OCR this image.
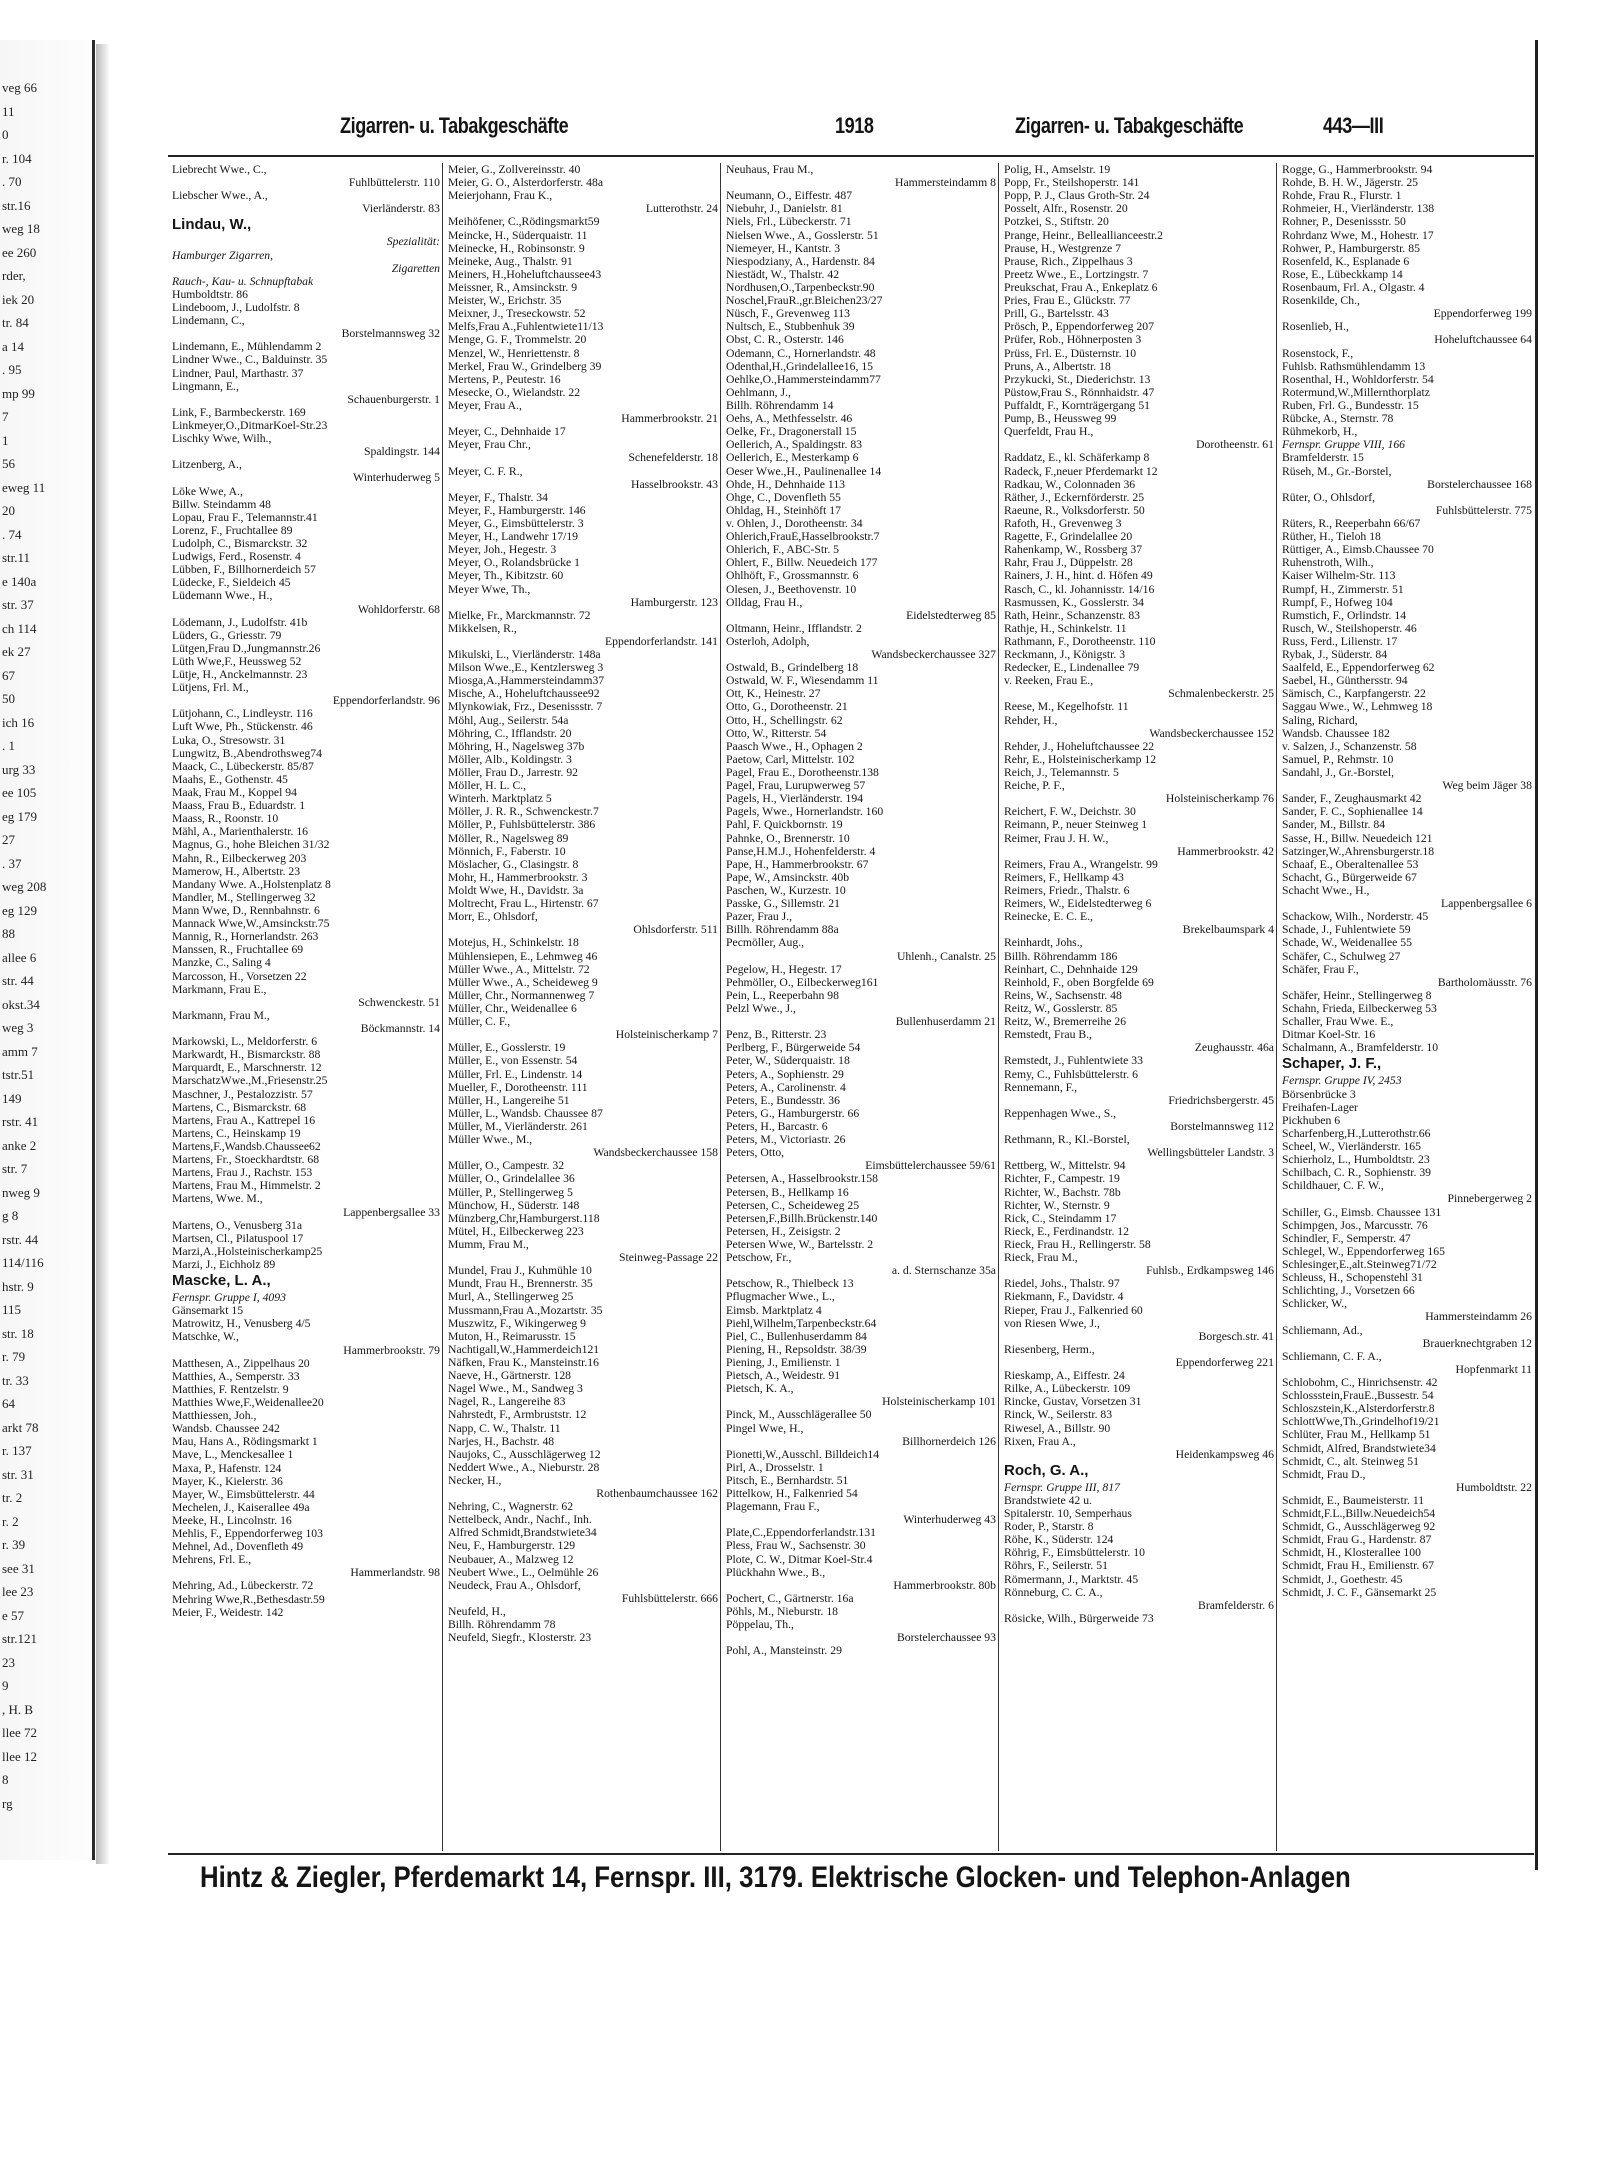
veg 66
11
0
r. 104
. 70
str.16
weg 18
ee 260
rder,
iek 20
tr. 84
a 14
. 95
mp 99
7
1
56
eweg 11
20
. 74
str.11
e 140a
str. 37
ch 114
ek 27
67
50
ich 16
. 1
urg 33
ee 105
eg 179
27
. 37
weg 208
eg 129
88
allee 6
str. 44
okst.34
weg 3
amm 7
tstr.51
149
rstr. 41
anke 2
str. 7
nweg 9
g 8
rstr. 44
114/116
hstr. 9
115
str. 18
r. 79
tr. 33
64
arkt 78
r. 137
str. 31
tr. 2
r. 2
r. 39
see 31
lee 23
e 57
str.121
23
9
, H. B
llee 72
llee 12
8
rg
Zigarren- u. Tabakgeschäfte	1918	Zigarren- u. Tabakgeschäfte	443—III
Liebrecht Wwe., C.,
Fuhlbüttelerstr. 110
Liebscher Wwe., A.,
Vierländerstr. 83
Lindau, W.,
Spezialität:
Hamburger Zigarren,
Zigaretten
Rauch-, Kau- u. Schnupftabak
Humboldtstr. 86
Lindeboom, J., Ludolfstr. 8
Lindemann, C.,
Borstelmannsweg 32
Lindemann, E., Mühlendamm 2
Lindner Wwe., C., Balduinstr. 35
Lindner, Paul, Marthastr. 37
Lingmann, E.,
Schauenburgerstr. 1
Link, F., Barmbeckerstr. 169
Linkmeyer,O.,DitmarKoel-Str.23
Lischky Wwe, Wilh.,
Spaldingstr. 144
Litzenberg, A.,
Winterhuderweg 5
Löke Wwe, A.,
Billw. Steindamm 48
Lopau, Frau F., Telemannstr.41
Lorenz, F., Fruchtallee 89
Ludolph, C., Bismarckstr. 32
Ludwigs, Ferd., Rosenstr. 4
Lübben, F., Billhornerdeich 57
Lüdecke, F., Sieldeich 45
Lüdemann Wwe., H.,
Wohldorferstr. 68
Lödemann, J., Ludolfstr. 41b
Lüders, G., Griesstr. 79
Lütgen,Frau D.,Jungmannstr.26
Lüth Wwe,F., Heussweg 52
Lütje, H., Anckelmannstr. 23
Lütjens, Frl. M.,
Eppendorferlandstr. 96
Lütjohann, C., Lindleystr. 116
Luft Wwe, Ph., Stückenstr. 46
Luka, O., Stresowstr. 31
Lungwitz, B.,Abendrothsweg74
Maack, C., Lübeckerstr. 85/87
Maahs, E., Gothenstr. 45
Maak, Frau M., Koppel 94
Maass, Frau B., Eduardstr. 1
Maass, R., Roonstr. 10
Mähl, A., Marienthalerstr. 16
Magnus, G., hohe Bleichen 31/32
Mahn, R., Eilbeckerweg 203
Mamerow, H., Albertstr. 23
Mandany Wwe. A.,Holstenplatz 8
Mandler, M., Stellingerweg 32
Mann Wwe, D., Rennbahnstr. 6
Mannack Wwe,W.,Amsinckstr.75
Mannig, R., Hornerlandstr. 263
Manssen, R., Fruchtallee 69
Manzke, C., Saling 4
Marcosson, H., Vorsetzen 22
Markmann, Frau E.,
Schwenckestr. 51
Markmann, Frau M.,
Böckmannstr. 14
Markowski, L., Meldorferstr. 6
Markwardt, H., Bismarckstr. 88
Marquardt, E., Marschnerstr. 12
MarschatzWwe.,M.,Friesenstr.25
Maschner, J., Pestalozzistr. 57
Martens, C., Bismarckstr. 68
Martens, Frau A., Kattrepel 16
Martens, C., Heinskamp 19
Martens,F.,Wandsb.Chaussee62
Martens, Fr., Stoeckhardtstr. 68
Martens, Frau J., Rachstr. 153
Martens, Frau M., Himmelstr. 2
Martens, Wwe. M.,
Lappenbergsallee 33
Martens, O., Venusberg 31a
Martsen, Cl., Pilatuspool 17
Marzi,A.,Holsteinischerkamp25
Marzi, J., Eichholz 89
Mascke, L. A.,
Fernspr. Gruppe I, 4093
Gänsemarkt 15
Matrowitz, H., Venusberg 4/5
Matschke, W.,
Hammerbrookstr. 79
Matthesen, A., Zippelhaus 20
Matthies, A., Semperstr. 33
Matthies, F. Rentzelstr. 9
Matthies Wwe,F.,Weidenallee20
Matthiessen, Joh.,
Wandsb. Chaussee 242
Mau, Hans A., Rödingsmarkt 1
Mave, L., Menckesallee 1
Maxa, P., Hafenstr. 124
Mayer, K., Kielerstr. 36
Mayer, W., Eimsbüttelerstr. 44
Mechelen, J., Kaiserallee 49a
Meeke, H., Lincolnstr. 16
Mehlis, F., Eppendorferweg 103
Mehnel, Ad., Dovenfleth 49
Mehrens, Frl. E.,
Hammerlandstr. 98
Mehring, Ad., Lübeckerstr. 72
Mehring Wwe,R.,Bethesdastr.59
Meier, F., Weidestr. 142
Meier, G., Zollvereinsstr. 40
Meier, G. O., Alsterdorferstr. 48a
Meierjohann, Frau K.,
Lutterothstr. 24
Meihöfener, C.,Rödingsmarkt59
Meincke, H., Süderquaistr. 11
Meinecke, H., Robinsonstr. 9
Meineke, Aug., Thalstr. 91
Meiners, H.,Hoheluftchaussee43
Meissner, R., Amsinckstr. 9
Meister, W., Erichstr. 35
Meixner, J., Treseckowstr. 52
Melfs,Frau A.,Fuhlentwiete11/13
Menge, G. F., Trommelstr. 20
Menzel, W., Henriettenstr. 8
Merkel, Frau W., Grindelberg 39
Mertens, P., Peutestr. 16
Mesecke, O., Wielandstr. 22
Meyer, Frau A.,
Hammerbrookstr. 21
Meyer, C., Dehnhaide 17
Meyer, Frau Chr.,
Schenefelderstr. 18
Meyer, C. F. R.,
Hasselbrookstr. 43
Meyer, F., Thalstr. 34
Meyer, F., Hamburgerstr. 146
Meyer, G., Eimsbüttelerstr. 3
Meyer, H., Landwehr 17/19
Meyer, Joh., Hegestr. 3
Meyer, O., Rolandsbrücke 1
Meyer, Th., Kibitzstr. 60
Meyer Wwe, Th.,
Hamburgerstr. 123
Mielke, Fr., Marckmannstr. 72
Mikkelsen, R.,
Eppendorferlandstr. 141
Mikulski, L., Vierländerstr. 148a
Milson Wwe.,E., Kentzlersweg 3
Miosga,A.,Hammersteindamm37
Mische, A., Hoheluftchaussee92
Mlynkowiak, Frz., Desenissstr. 7
Möhl, Aug., Seilerstr. 54a
Möhring, C., Ifflandstr. 20
Möhring, H., Nagelsweg 37b
Möller, Alb., Koldingstr. 3
Möller, Frau D., Jarrestr. 92
Möller, H. L. C.,
Winterh. Marktplatz 5
Möller, J. R. R., Schwenckestr.7
Möller, P., Fuhlsbüttelerstr. 386
Möller, R., Nagelsweg 89
Mönnich, F., Faberstr. 10
Möslacher, G., Clasingstr. 8
Mohr, H., Hammerbrookstr. 3
Moldt Wwe, H., Davidstr. 3a
Moltrecht, Frau L., Hirtenstr. 67
Morr, E., Ohlsdorf,
Ohlsdorferstr. 511
Motejus, H., Schinkelstr. 18
Mühlensiepen, E., Lehmweg 46
Müller Wwe., A., Mittelstr. 72
Müller Wwe., A., Scheideweg 9
Müller, Chr., Normannenweg 7
Müller, Chr., Weidenallee 6
Müller, C. F.,
Holsteinischerkamp 7
Müller, E., Gosslerstr. 19
Müller, E., von Essenstr. 54
Müller, Frl. E., Lindenstr. 14
Mueller, F., Dorotheenstr. 111
Müller, H., Langereihe 51
Müller, L., Wandsb. Chaussee 87
Müller, M., Vierländerstr. 261
Müller Wwe., M.,
Wandsbeckerchaussee 158
Müller, O., Campestr. 32
Müller, O., Grindelallee 36
Müller, P., Stellingerweg 5
Münchow, H., Süderstr. 148
Münzberg,Chr,Hamburgerst.118
Mütel, H., Eilbeckerweg 223
Mumm, Frau M.,
Steinweg-Passage 22
Mundel, Frau J., Kuhmühle 10
Mundt, Frau H., Brennerstr. 35
Murl, A., Stellingerweg 25
Mussmann,Frau A.,Mozartstr. 35
Muszwitz, F., Wikingerweg 9
Muton, H., Reimarusstr. 15
Nachtigall,W.,Hammerdeich121
Näfken, Frau K., Mansteinstr.16
Naeve, H., Gärtnerstr. 128
Nagel Wwe., M., Sandweg 3
Nagel, R., Langereihe 83
Nahrstedt, F., Armbruststr. 12
Napp, C. W., Thalstr. 11
Narjes, H., Bachstr. 48
Naujoks, C., Ausschlägerweg 12
Neddert Wwe., A., Nieburstr. 28
Necker, H.,
Rothenbaumchaussee 162
Nehring, C., Wagnerstr. 62
Nettelbeck, Andr., Nachf., Inh.
Alfred Schmidt,Brandstwiete34
Neu, F., Hamburgerstr. 129
Neubauer, A., Malzweg 12
Neubert Wwe., L., Oelmühle 26
Neudeck, Frau A., Ohlsdorf,
Fuhlsbüttelerstr. 666
Neufeld, H.,
Billh. Röhrendamm 78
Neufeld, Siegfr., Klosterstr. 23
Neuhaus, Frau M.,
Hammersteindamm 8
Neumann, O., Eiffestr. 487
Niebuhr, J., Danielstr. 81
Niels, Frl., Lübeckerstr. 71
Nielsen Wwe., A., Gosslerstr. 51
Niemeyer, H., Kantstr. 3
Niespodziany, A., Hardenstr. 84
Niestädt, W., Thalstr. 42
Nordhusen,O.,Tarpenbeckstr.90
Noschel,FrauR.,gr.Bleichen23/27
Nüsch, F., Grevenweg 113
Nultsch, E., Stubbenhuk 39
Obst, C. R., Osterstr. 146
Odemann, C., Hornerlandstr. 48
Odenthal,H.,Grindelallee16, 15
Oehlke,O.,Hammersteindamm77
Oehlmann, J.,
Billh. Röhrendamm 14
Oehs, A., Methfesselstr. 46
Oelke, Fr., Dragonerstall 15
Oellerich, A., Spaldingstr. 83
Oellerich, E., Mesterkamp 6
Oeser Wwe.,H., Paulinenallee 14
Ohde, H., Dehnhaide 113
Ohge, C., Dovenfleth 55
Ohldag, H., Steinhöft 17
v. Ohlen, J., Dorotheenstr. 34
Ohlerich,FrauE,Hasselbrookstr.7
Ohlerich, F., ABC-Str. 5
Ohlert, F., Billw. Neuedeich 177
Ohlhöft, F., Grossmannstr. 6
Olesen, J., Beethovenstr. 10
Olldag, Frau H.,
Eidelstedterweg 85
Oltmann, Heinr., Ifflandstr. 2
Osterloh, Adolph,
Wandsbeckerchaussee 327
Ostwald, B., Grindelberg 18
Ostwald, W. F., Wiesendamm 11
Ott, K., Heinestr. 27
Otto, G., Dorotheenstr. 21
Otto, H., Schellingstr. 62
Otto, W., Ritterstr. 54
Paasch Wwe., H., Ophagen 2
Paetow, Carl, Mittelstr. 102
Pagel, Frau E., Dorotheenstr.138
Pagel, Frau, Lurupwerweg 57
Pagels, H., Vierländerstr. 194
Pagels, Wwe., Hornerlandstr. 160
Pahl, F. Quickbornstr. 19
Pahnke, O., Brennerstr. 10
Panse,H.M.J., Hohenfelderstr. 4
Pape, H., Hammerbrookstr. 67
Pape, W., Amsinckstr. 40b
Paschen, W., Kurzestr. 10
Passke, G., Sillemstr. 21
Pazer, Frau J.,
Billh. Röhrendamm 88a
Pecmöller, Aug.,
Uhlenh., Canalstr. 25
Pegelow, H., Hegestr. 17
Pehmöller, O., Eilbeckerweg161
Pein, L., Reeperbahn 98
Pelzl Wwe., J.,
Bullenhuserdamm 21
Penz, B., Ritterstr. 23
Perlberg, F., Bürgerweide 54
Peter, W., Süderquaistr. 18
Peters, A., Sophienstr. 29
Peters, A., Carolinenstr. 4
Peters, E., Bundesstr. 36
Peters, G., Hamburgerstr. 66
Peters, H., Barcastr. 6
Peters, M., Victoriastr. 26
Peters, Otto,
Eimsbüttelerchaussee 59/61
Petersen, A., Hasselbrookstr.158
Petersen, B., Hellkamp 16
Petersen, C., Scheideweg 25
Petersen,F.,Billh.Brückenstr.140
Petersen, H., Zeisigstr. 2
Petersen Wwe, W., Bartelsstr. 2
Petschow, Fr.,
a. d. Sternschanze 35a
Petschow, R., Thielbeck 13
Pflugmacher Wwe., L.,
Eimsb. Marktplatz 4
Piehl,Wilhelm,Tarpenbeckstr.64
Piel, C., Bullenhuserdamm 84
Piening, H., Repsoldstr. 38/39
Piening, J., Emilienstr. 1
Pietsch, A., Weidestr. 91
Pietsch, K. A.,
Holsteinischerkamp 101
Pinck, M., Ausschlägerallee 50
Pingel Wwe, H.,
Billhornerdeich 126
Pionetti,W.,Ausschl. Billdeich14
Pirl, A., Drosselstr. 1
Pitsch, E., Bernhardstr. 51
Pittelkow, H., Falkenried 54
Plagemann, Frau F.,
Winterhuderweg 43
Plate,C.,Eppendorferlandstr.131
Pless, Frau W., Sachsenstr. 30
Plote, C. W., Ditmar Koel-Str.4
Plückhahn Wwe., B.,
Hammerbrookstr. 80b
Pochert, C., Gärtnerstr. 16a
Pöhls, M., Nieburstr. 18
Pöppelau, Th.,
Borstelerchaussee 93
Pohl, A., Mansteinstr. 29
Polig, H., Amselstr. 19
Popp, Fr., Steilshoperstr. 141
Popp, P. J., Claus Groth-Str. 24
Posselt, Alfr., Rosenstr. 20
Potzkei, S., Stiftstr. 20
Prange, Heinr., Belleallianceestr.2
Prause, H., Westgrenze 7
Prause, Rich., Zippelhaus 3
Preetz Wwe., E., Lortzingstr. 7
Preukschat, Frau A., Enkeplatz 6
Pries, Frau E., Glückstr. 77
Prill, G., Bartelsstr. 43
Prösch, P., Eppendorferweg 207
Prüfer, Rob., Höhnerposten 3
Prüss, Frl. E., Düsternstr. 10
Pruns, A., Albertstr. 18
Przykucki, St., Diederichstr. 13
Püstow,Frau S., Rönnhaidstr. 47
Puffaldt, F., Kornträgergang 51
Pump, B., Heussweg 99
Querfeldt, Frau H.,
Dorotheenstr. 61
Raddatz, E., kl. Schäferkamp 8
Radeck, F.,neuer Pferdemarkt 12
Radkau, W., Colonnaden 36
Räther, J., Eckernförderstr. 25
Raeune, R., Volksdorferstr. 50
Rafoth, H., Grevenweg 3
Ragette, F., Grindelallee 20
Rahenkamp, W., Rossberg 37
Rahr, Frau J., Düppelstr. 28
Rainers, J. H., hint. d. Höfen 49
Rasch, C., kl. Johannisstr. 14/16
Rasmussen, K., Gosslerstr. 34
Rath, Heinr., Schanzenstr. 83
Rathje, H., Schinkelstr. 11
Rathmann, F., Dorotheenstr. 110
Reckmann, J., Königstr. 3
Redecker, E., Lindenallee 79
v. Reeken, Frau E.,
Schmalenbeckerstr. 25
Reese, M., Kegelhofstr. 11
Rehder, H.,
Wandsbeckerchaussee 152
Rehder, J., Hoheluftchaussee 22
Rehr, E., Holsteinischerkamp 12
Reich, J., Telemannstr. 5
Reiche, P. F.,
Holsteinischerkamp 76
Reichert, F. W., Deichstr. 30
Reimann, P., neuer Steinweg 1
Reimer, Frau J. H. W.,
Hammerbrookstr. 42
Reimers, Frau A., Wrangelstr. 99
Reimers, F., Hellkamp 43
Reimers, Friedr., Thalstr. 6
Reimers, W., Eidelstedterweg 6
Reinecke, E. C. E.,
Brekelbaumspark 4
Reinhardt, Johs.,
Billh. Röhrendamm 186
Reinhart, C., Dehnhaide 129
Reinhold, F., oben Borgfelde 69
Reins, W., Sachsenstr. 48
Reitz, W., Gosslerstr. 85
Reitz, W., Bremerreihe 26
Remstedt, Frau B.,
Zeughausstr. 46a
Remstedt, J., Fuhlentwiete 33
Remy, C., Fuhlsbüttelerstr. 6
Rennemann, F.,
Friedrichsbergerstr. 45
Reppenhagen Wwe., S.,
Borstelmannsweg 112
Rethmann, R., Kl.-Borstel,
Wellingsbütteler Landstr. 3
Rettberg, W., Mittelstr. 94
Richter, F., Campestr. 19
Richter, W., Bachstr. 78b
Richter, W., Sternstr. 9
Rick, C., Steindamm 17
Rieck, E., Ferdinandstr. 12
Rieck, Frau H., Rellingerstr. 58
Rieck, Frau M.,
Fuhlsb., Erdkampsweg 146
Riedel, Johs., Thalstr. 97
Riekmann, F., Davidstr. 4
Rieper, Frau J., Falkenried 60
von Riesen Wwe, J.,
Borgesch.str. 41
Riesenberg, Herm.,
Eppendorferweg 221
Rieskamp, A., Eiffestr. 24
Rilke, A., Lübeckerstr. 109
Rincke, Gustav, Vorsetzen 31
Rinck, W., Seilerstr. 83
Riwesel, A., Billstr. 90
Rixen, Frau A.,
Heidenkampsweg 46
Roch, G. A.,
Fernspr. Gruppe III, 817
Brandstwiete 42 u.
Spitalerstr. 10, Semperhaus
Roder, P., Starstr. 8
Röhe, K., Süderstr. 124
Röhrig, F., Eimsbüttelerstr. 10
Röhrs, F., Seilerstr. 51
Römermann, J., Marktstr. 45
Rönneburg, C. C. A.,
Bramfelderstr. 6
Rösicke, Wilh., Bürgerweide 73
Rogge, G., Hammerbrookstr. 94
Rohde, B. H. W., Jägerstr. 25
Rohde, Frau R., Flurstr. 1
Rohmeier, H., Vierländerstr. 138
Rohner, P., Desenissstr. 50
Rohrdanz Wwe, M., Hohestr. 17
Rohwer, P., Hamburgerstr. 85
Rosenfeld, K., Esplanade 6
Rose, E., Lübeckkamp 14
Rosenbaum, Frl. A., Olgastr. 4
Rosenkilde, Ch.,
Eppendorferweg 199
Rosenlieb, H.,
Hoheluftchaussee 64
Rosenstock, F.,
Fuhlsb. Rathsmühlendamm 13
Rosenthal, H., Wohldorferstr. 54
Rotermund,W.,Millernthorplatz
Ruben, Frl. G., Bundesstr. 15
Rübcke, A., Sternstr. 78
Rühmekorb, H.,
Fernspr. Gruppe VIII, 166
Bramfelderstr. 15
Rüseh, M., Gr.-Borstel,
Borstelerchaussee 168
Rüter, O., Ohlsdorf,
Fuhlsbüttelerstr. 775
Rüters, R., Reeperbahn 66/67
Rüther, H., Tieloh 18
Rüttiger, A., Eimsb.Chaussee 70
Ruhenstroth, Wilh.,
Kaiser Wilhelm-Str. 113
Rumpf, H., Zimmerstr. 51
Rumpf, F., Hofweg 104
Rumstich, F., Orlindstr. 14
Rusch, W., Steilshoperstr. 46
Russ, Ferd., Lilienstr. 17
Rybak, J., Süderstr. 84
Saalfeld, E., Eppendorferweg 62
Saebel, H., Günthersstr. 94
Sämisch, C., Karpfangerstr. 22
Saggau Wwe., W., Lehmweg 18
Saling, Richard,
Wandsb. Chaussee 182
v. Salzen, J., Schanzenstr. 58
Samuel, P., Rehmstr. 10
Sandahl, J., Gr.-Borstel,
Weg beim Jäger 38
Sander, F., Zeughausmarkt 42
Sander, F. C., Sophienallee 14
Sander, M., Billstr. 84
Sasse, H., Billw. Neuedeich 121
Satzinger,W.,Ahrensburgerstr.18
Schaaf, E., Oberaltenallee 53
Schacht, G., Bürgerweide 67
Schacht Wwe., H.,
Lappenbergsallee 6
Schackow, Wilh., Norderstr. 45
Schade, J., Fuhlentwiete 59
Schade, W., Weidenallee 55
Schäfer, C., Schulweg 27
Schäfer, Frau F.,
Bartholomäusstr. 76
Schäfer, Heinr., Stellingerweg 8
Schahn, Frieda, Eilbeckerweg 53
Schaller, Frau Wwe. E.,
Ditmar Koel-Str. 16
Schalmann, A., Bramfelderstr. 10
Schaper, J. F.,
Fernspr. Gruppe IV, 2453
Börsenbrücke 3
Freihafen-Lager
Pickhuben 6
Scharfenberg,H.,Lutterothstr.66
Scheel, W., Vierländerstr. 165
Schierholz, L., Humboldtstr. 23
Schilbach, C. R., Sophienstr. 39
Schildhauer, C. F. W.,
Pinnebergerweg 2
Schiller, G., Eimsb. Chaussee 131
Schimpgen, Jos., Marcusstr. 76
Schindler, F., Semperstr. 47
Schlegel, W., Eppendorferweg 165
Schlesinger,E.,alt.Steinweg71/72
Schleuss, H., Schopenstehl 31
Schlichting, J., Vorsetzen 66
Schlicker, W.,
Hammersteindamm 26
Schliemann, Ad.,
Brauerknechtgraben 12
Schliemann, C. F. A.,
Hopfenmarkt 11
Schlobohm, C., Hinrichsenstr. 42
Schlossstein,FrauE.,Bussestr. 54
Schloszstein,K.,Alsterdorferstr.8
SchlottWwe,Th.,Grindelhof19/21
Schlüter, Frau M., Hellkamp 51
Schmidt, Alfred, Brandstwiete34
Schmidt, C., alt. Steinweg 51
Schmidt, Frau D.,
Humboldtstr. 22
Schmidt, E., Baumeisterstr. 11
Schmidt,F.L.,Billw.Neuedeich54
Schmidt, G., Ausschlägerweg 92
Schmidt, Frau G., Hardenstr. 87
Schmidt, H., Klosterallee 100
Schmidt, Frau H., Emilienstr. 67
Schmidt, J., Goethestr. 45
Schmidt, J. C. F., Gänsemarkt 25
Hintz & Ziegler, Pferdemarkt 14, Fernspr. III, 3179. Elektrische Glocken- und Telephon-Anlagen
